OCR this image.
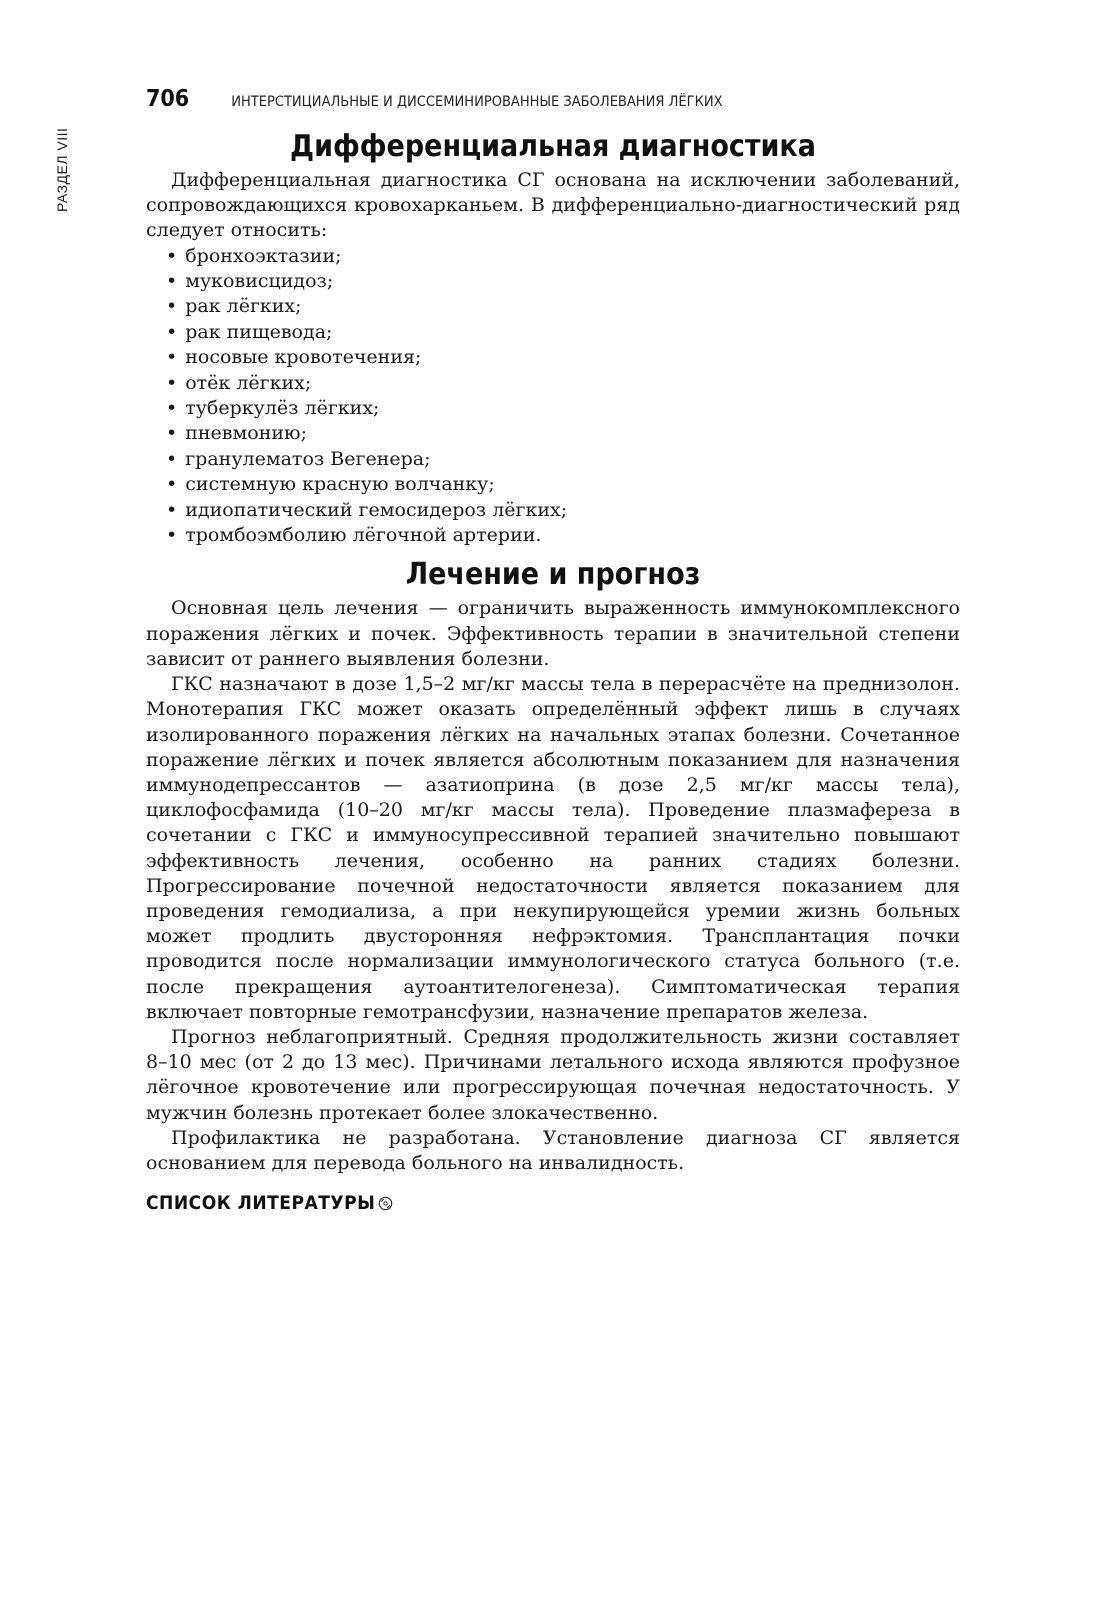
РАЗДЕЛ VIII
706	ИНТЕРСТИЦИАЛЬНЫЕ И ДИССЕМИНИРОВАННЫЕ ЗАБОЛЕВАНИЯ ЛЁГКИХ
Дифференциальная диагностика

Дифференциальная диагностика СГ основана на исключении заболеваний, сопровождающихся кровохарканьем. В дифференциально-диагностический ряд следует относить:

• бронхоэктазии;
• муковисцидоз;
• рак лёгких;
• рак пищевода;
• носовые кровотечения;
• отёк лёгких;
• туберкулёз лёгких;
• пневмонию;
• гранулематоз Вегенера;
• системную красную волчанку;
• идиопатический гемосидероз лёгких;
• тромбоэмболию лёгочной артерии.
Лечение и прогноз

Основная цель лечения — ограничить выраженность иммунокомплексного поражения лёгких и почек. Эффективность терапии в значительной степени зависит от раннего выявления болезни.

ГКС назначают в дозе 1,5–2 мг/кг массы тела в перерасчёте на преднизолон. Монотерапия ГКС может оказать определённый эффект лишь в случаях изолированного поражения лёгких на начальных этапах болезни. Сочетанное поражение лёгких и почек является абсолютным показанием для назначения иммунодепрессантов — азатиоприна (в дозе 2,5 мг/кг массы тела), циклофосфамида (10–20 мг/кг массы тела). Проведение плазмафереза в сочетании с ГКС и иммуносупрессивной терапией значительно повышают эффективность лечения, особенно на ранних стадиях болезни. Прогрессирование почечной недостаточности является показанием для проведения гемодиализа, а при некупирующейся уремии жизнь больных может продлить двусторонняя нефрэктомия. Трансплантация почки проводится после нормализации иммунологического статуса больного (т.е. после прекращения аутоантителогенеза). Симптоматическая терапия включает повторные гемотрансфузии, назначение препаратов железа.

Прогноз неблагоприятный. Средняя продолжительность жизни составляет 8–10 мес (от 2 до 13 мес). Причинами летального исхода являются профузное лёгочное кровотечение или прогрессирующая почечная недостаточность. У мужчин болезнь протекает более злокачественно.

Профилактика не разработана. Установление диагноза СГ является основанием для перевода больного на инвалидность.

СПИСОК ЛИТЕРАТУРЫ
